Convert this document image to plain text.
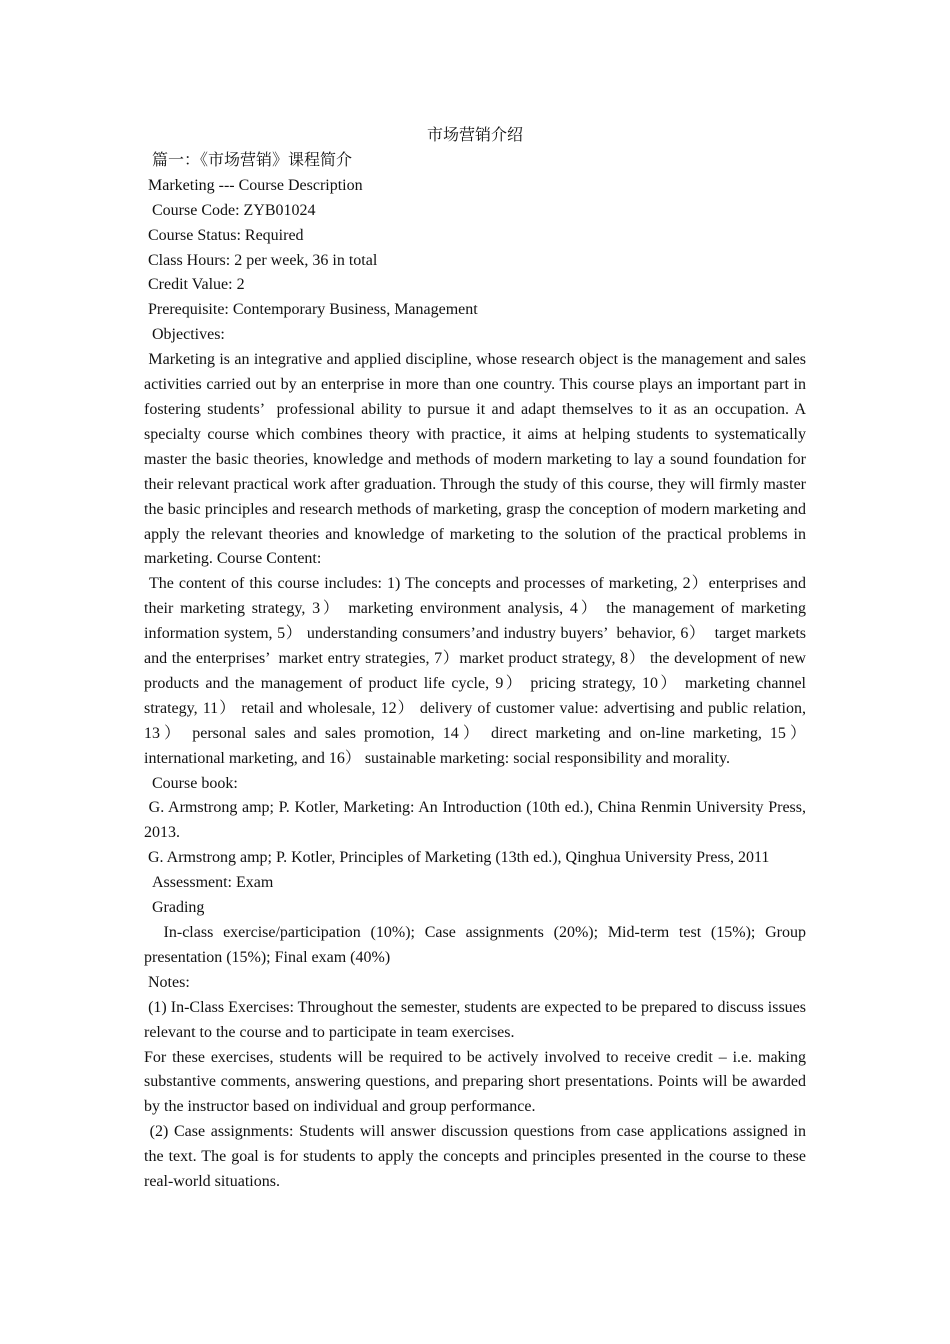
市场营销介绍

篇一：《市场营销》课程简介

Marketing --- Course Description

Course Code: ZYB01024

Course Status: Required

Class Hours: 2 per week, 36 in total

Credit Value: 2

Prerequisite: Contemporary Business, Management

Objectives:

Marketing is an integrative and applied discipline, whose research object is the management and sales activities carried out by an enterprise in more than one country. This course plays an important part in fostering students’  professional ability to pursue it and adapt themselves to it as an occupation. A specialty course which combines theory with practice, it aims at helping students to systematically master the basic theories, knowledge and methods of modern marketing to lay a sound foundation for their relevant practical work after graduation. Through the study of this course, they will firmly master the basic principles and research methods of marketing, grasp the conception of modern marketing and apply the relevant theories and knowledge of marketing to the solution of the practical problems in marketing. Course Content:

The content of this course includes: 1) The concepts and processes of marketing, 2）enterprises and their marketing strategy, 3） marketing environment analysis, 4） the management of marketing information system, 5） understanding consumers’and industry buyers’  behavior, 6）  target markets and the enterprises’  market entry strategies, 7）market product strategy, 8） the development of new products and the management of product life cycle, 9） pricing strategy, 10） marketing channel strategy, 11） retail and wholesale, 12） delivery of customer value: advertising and public relation, 13） personal sales and sales promotion, 14） direct marketing and on-line marketing, 15） international marketing, and 16） sustainable marketing: social responsibility and morality.

Course book:

G. Armstrong amp; P. Kotler, Marketing: An Introduction (10th ed.), China Renmin University Press, 2013.

G. Armstrong amp; P. Kotler, Principles of Marketing (13th ed.), Qinghua University Press, 2011

Assessment: Exam

Grading

In-class exercise/participation (10%); Case assignments (20%); Mid-term test (15%); Group presentation (15%); Final exam (40%)

Notes:

(1) In-Class Exercises: Throughout the semester, students are expected to be prepared to discuss issues relevant to the course and to participate in team exercises.

For these exercises, students will be required to be actively involved to receive credit – i.e. making substantive comments, answering questions, and preparing short presentations. Points will be awarded by the instructor based on individual and group performance.

(2) Case assignments: Students will answer discussion questions from case applications assigned in the text. The goal is for students to apply the concepts and principles presented in the course to these real-world situations.
